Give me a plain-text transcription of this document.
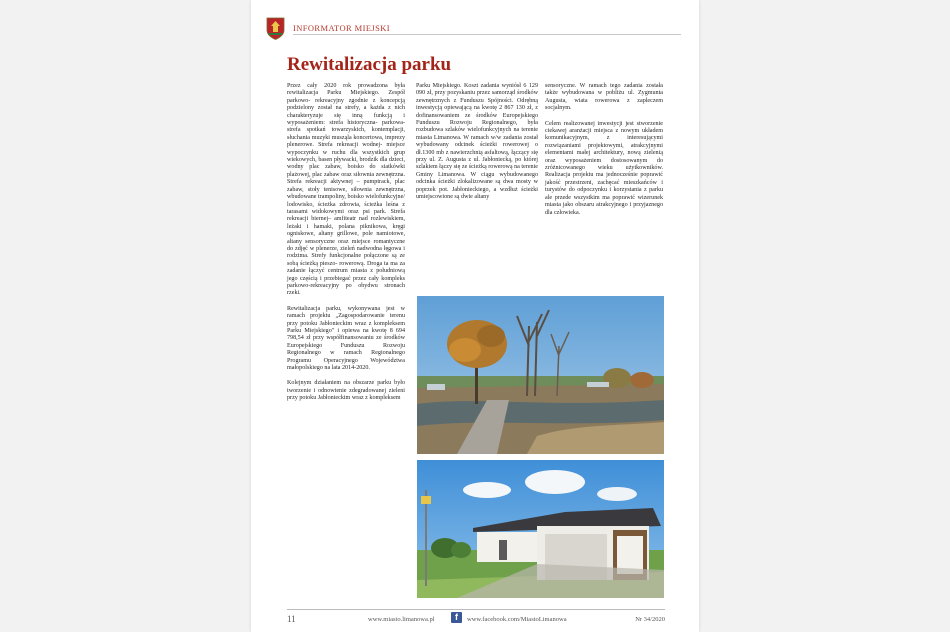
INFORMATOR MIEJSKI
Rewitalizacja parku

Przez cały 2020 rok prowadzona była rewitalizacja Parku Miejskiego. Zespół parkowo- rekreacyjny zgodnie z koncepcją podzielony został na strefy, a każda z nich charakteryzuje się inną funkcją i wyposażeniem: strefa historyczna- parkowa- strefa spotkań towarzyskich, kontemplacji, słuchania muzyki musząla koncertowa, imprezy plenerowe. Strefa rekreacji wodnej- miejsce wypoczynku w ruchu dla wszystkich grup wiekowych, basen pływacki, brodzik dla dzieci, wodny plac zabaw, boisko do siatkówki plażowej, plac zabaw oraz siłownia zewnętrzna. Strefa rekreacji aktywnej – pumptrack, plac zabaw, stoły tenisowe, siłownia zewnętrzna, wbudowane trampoliny, boisko wielofunkcyjne/ lodowisko, ścieżka zdrowia, ścieżka leśna z tarasami widokowymi oraz psi park. Strefa rekreacji biernej– amfiteatr nad rozlewiskiem, leżaki i hamaki, polana piknikowa, kręgi ogniskowe, altany grillowe, pole namiotowe, altany sensoryczne oraz miejsce romantyczne do zdjęć w plenerze, zieleń nadwodna łęgowa i rodzima. Strefy funkcjonalne połączone są ze sobą ścieżką pieszo- rowerową. Droga ta ma za zadanie łączyć centrum miasta z południową jego częścią i przebiegać przez cały kompleks parkowo-rekreacyjny po obydwu stronach rzeki.

Rewitalizacja parku, wykonywana jest w ramach projektu „Zagospodarowanie terenu przy potoku Jabłonieckim wraz z kompleksem Parku Miejskiego" i opiewa na kwotę 8 694 798,54 zł przy współfinansowaniu ze środków Europejskiego Funduszu Rozwoju Regionalnego w ramach Regionalnego Programu Operacyjnego Województwa małopolskiego na lata 2014-2020.

Kolejnym działaniem na obszarze parku było tworzenie i odnowienie zdegradowanej zieleni przy potoku Jabłonieckim wraz z kompleksem

Parku Miejskiego. Koszt zadania wyniósł 6 129 090 zł, przy pozyskaniu przez samorząd środków zewnętrznych z Funduszu Spójności. Odrębną inwestycją opiewającą na kwotę 2 867 130 zł, z dofinansowaniem ze środków Europejskiego Funduszu Rozwoju Regionalnego, była rozbudowa szlaków wielofunkcyjnych na terenie miasta Limanowa. W ramach w/w zadania został wybudowany odcinek ścieżki rowerowej o dł.1300 mb z nawierzchnią asfaltową, łączący się przy ul. Z. Augusta z ul. Jabłoniecką, po której szlakiem łączy się ze ścieżką rowerową na terenie Gminy Limanowa. W ciągu wybudowanego odcinka ścieżki zlokalizowane są dwa mosty w poprzek pot. Jabłonieckiego, a wzdłuż ścieżki umiejscowione są dwie altany

sensoryczne. W ramach tego zadania została także wybudowana w pobliżu ul. Zygmunta Augusta, wiata rowerowa z zapleczem socjalnym.

Celem realizowanej inwestycji jest stworzenie ciekawej aranżacji miejsca z nowym układem komunikacyjnym, z interesującymi rozwiązaniami projektowymi, atrakcyjnymi elementami małej architektury, nową zielenią oraz wyposażeniem dostosowanym do zróżnicowanego wieku użytkowników. Realizacja projektu ma jednocześnie poprawić jakość przestrzeni, zachęcać mieszkańców i turystów do odpoczynku i korzystania z parku ale przede wszystkim ma poprawić wizerunek miasta jako obszaru atrakcyjnego i przyjaznego dla człowieka.

11	www.miasto.limanowa.pl	f	www.facebook.com/MiastoLimanowa	Nr 34/2020
